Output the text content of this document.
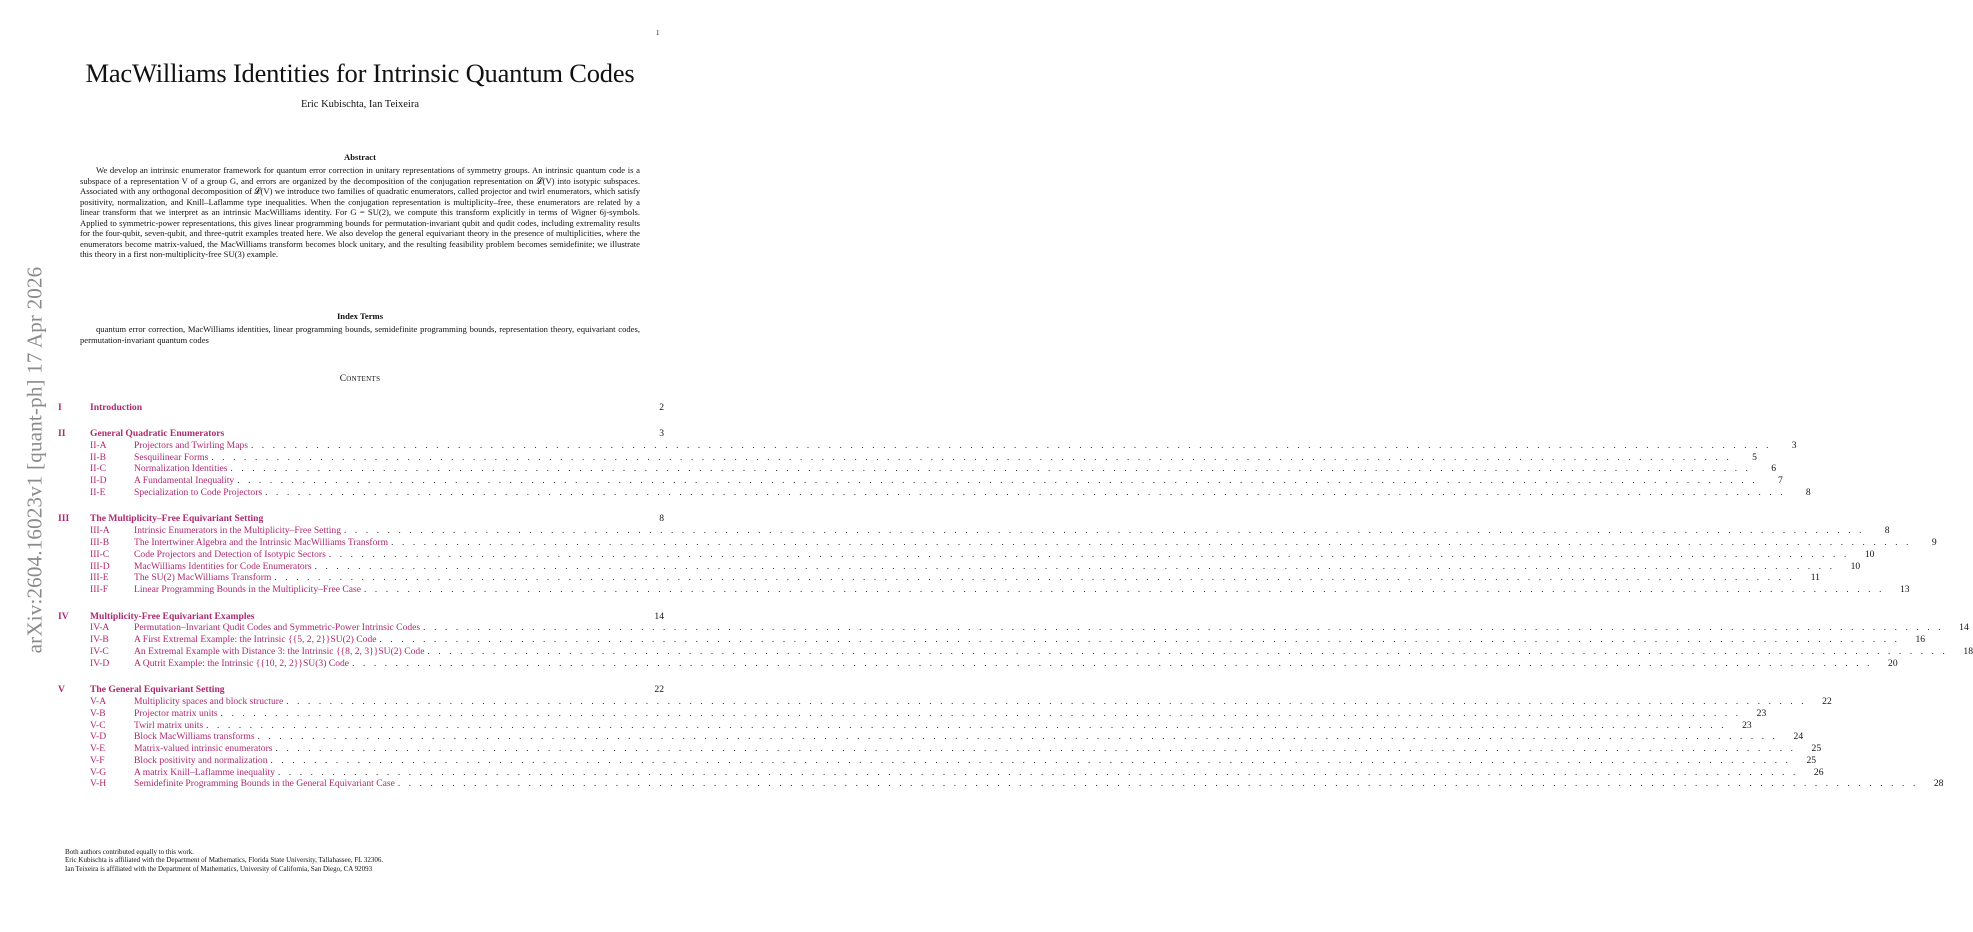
1
arXiv:2604.16023v1 [quant-ph] 17 Apr 2026
MacWilliams Identities for Intrinsic Quantum Codes
Eric Kubischta, Ian Teixeira
Abstract
We develop an intrinsic enumerator framework for quantum error correction in unitary representations of symmetry groups. An intrinsic quantum code is a subspace of a representation V of a group G, and errors are organized by the decomposition of the conjugation representation on 𝓛(V) into isotypic subspaces. Associated with any orthogonal decomposition of 𝓛(V) we introduce two families of quadratic enumerators, called projector and twirl enumerators, which satisfy positivity, normalization, and Knill–Laflamme type inequalities. When the conjugation representation is multiplicity–free, these enumerators are related by a linear transform that we interpret as an intrinsic MacWilliams identity. For G = SU(2), we compute this transform explicitly in terms of Wigner 6j-symbols. Applied to symmetric-power representations, this gives linear programming bounds for permutation-invariant qubit and qudit codes, including extremality results for the four-qubit, seven-qubit, and three-qutrit examples treated here. We also develop the general equivariant theory in the presence of multiplicities, where the enumerators become matrix-valued, the MacWilliams transform becomes block unitary, and the resulting feasibility problem becomes semidefinite; we illustrate this theory in a first non-multiplicity-free SU(3) example.
Index Terms
quantum error correction, MacWilliams identities, linear programming bounds, semidefinite programming bounds, representation theory, equivariant codes, permutation-invariant quantum codes
Contents
I	Introduction	2
II	General Quadratic Enumerators	3
II-A	Projectors and Twirling Maps . . . . . . . . . . . . . . . . . . . . . . . . . . . . . . . . . . . . . . . . . . . . . . . . . . . . . . . . . . . . . . . . . . . . . . . . . . . . . . . . . . . . . . . . . . . . . . . . . . . . . . . . . . . . . . . . . . . . . . . . . . . . . . . . . . . . . . . . . . . .	3
II-B	Sesquilinear Forms . . . . . . . . . . . . . . . . . . . . . . . . . . . . . . . . . . . . . . . . . . . . . . . . . . . . . . . . . . . . . . . . . . . . . . . . . . . . . . . . . . . . . . . . . . . . . . . . . . . . . . . . . . . . . . . . . . . . . . . . . . . . . . . . . . . . . . . . . . . .	5
II-C	Normalization Identities . . . . . . . . . . . . . . . . . . . . . . . . . . . . . . . . . . . . . . . . . . . . . . . . . . . . . . . . . . . . . . . . . . . . . . . . . . . . . . . . . . . . . . . . . . . . . . . . . . . . . . . . . . . . . . . . . . . . . . . . . . . . . . . . . . . . . . . . . . . .	6
II-D	A Fundamental Inequality . . . . . . . . . . . . . . . . . . . . . . . . . . . . . . . . . . . . . . . . . . . . . . . . . . . . . . . . . . . . . . . . . . . . . . . . . . . . . . . . . . . . . . . . . . . . . . . . . . . . . . . . . . . . . . . . . . . . . . . . . . . . . . . . . . . . . . . . . . . .	7
II-E	Specialization to Code Projectors . . . . . . . . . . . . . . . . . . . . . . . . . . . . . . . . . . . . . . . . . . . . . . . . . . . . . . . . . . . . . . . . . . . . . . . . . . . . . . . . . . . . . . . . . . . . . . . . . . . . . . . . . . . . . . . . . . . . . . . . . . . . . . . . . . . . . . . . . . . .	8
III	The Multiplicity–Free Equivariant Setting	8
III-A	Intrinsic Enumerators in the Multiplicity–Free Setting . . . . . . . . . . . . . . . . . . . . . . . . . . . . . . . . . . . . . . . . . . . . . . . . . . . . . . . . . . . . . . . . . . . . . . . . . . . . . . . . . . . . . . . . . . . . . . . . . . . . . . . . . . . . . . . . . . . . . . . . . . . . . . . . . . . . . . . . . . . .	8
III-B	The Intertwiner Algebra and the Intrinsic MacWilliams Transform . . . . . . . . . . . . . . . . . . . . . . . . . . . . . . . . . . . . . . . . . . . . . . . . . . . . . . . . . . . . . . . . . . . . . . . . . . . . . . . . . . . . . . . . . . . . . . . . . . . . . . . . . . . . . . . . . . . . . . . . . . . . . . . . . . . . . . . . . . . .	9
III-C	Code Projectors and Detection of Isotypic Sectors . . . . . . . . . . . . . . . . . . . . . . . . . . . . . . . . . . . . . . . . . . . . . . . . . . . . . . . . . . . . . . . . . . . . . . . . . . . . . . . . . . . . . . . . . . . . . . . . . . . . . . . . . . . . . . . . . . . . . . . . . . . . . . . . . . . . . . . . . . . .	10
III-D	MacWilliams Identities for Code Enumerators . . . . . . . . . . . . . . . . . . . . . . . . . . . . . . . . . . . . . . . . . . . . . . . . . . . . . . . . . . . . . . . . . . . . . . . . . . . . . . . . . . . . . . . . . . . . . . . . . . . . . . . . . . . . . . . . . . . . . . . . . . . . . . . . . . . . . . . . . . . .	10
III-E	The SU(2) MacWilliams Transform . . . . . . . . . . . . . . . . . . . . . . . . . . . . . . . . . . . . . . . . . . . . . . . . . . . . . . . . . . . . . . . . . . . . . . . . . . . . . . . . . . . . . . . . . . . . . . . . . . . . . . . . . . . . . . . . . . . . . . . . . . . . . . . . . . . . . . . . . . . .	11
III-F	Linear Programming Bounds in the Multiplicity–Free Case . . . . . . . . . . . . . . . . . . . . . . . . . . . . . . . . . . . . . . . . . . . . . . . . . . . . . . . . . . . . . . . . . . . . . . . . . . . . . . . . . . . . . . . . . . . . . . . . . . . . . . . . . . . . . . . . . . . . . . . . . . . . . . . . . . . . . . . . . . . .	13
IV	Multiplicity-Free Equivariant Examples	14
IV-A	Permutation–Invariant Qudit Codes and Symmetric-Power Intrinsic Codes . . . . . . . . . . . . . . . . . . . . . . . . . . . . . . . . . . . . . . . . . . . . . . . . . . . . . . . . . . . . . . . . . . . . . . . . . . . . . . . . . . . . . . . . . . . . . . . . . . . . . . . . . . . . . . . . . . . . . . . . . . . . . . . . . . . . . . . . . . . .	14
IV-B	A First Extremal Example: the Intrinsic {{5, 2, 2}}SU(2) Code . . . . . . . . . . . . . . . . . . . . . . . . . . . . . . . . . . . . . . . . . . . . . . . . . . . . . . . . . . . . . . . . . . . . . . . . . . . . . . . . . . . . . . . . . . . . . . . . . . . . . . . . . . . . . . . . . . . . . . . . . . . . . . . . . . . . . . . . . . . .	16
IV-C	An Extremal Example with Distance 3: the Intrinsic {{8, 2, 3}}SU(2) Code . . . . . . . . . . . . . . . . . . . . . . . . . . . . . . . . . . . . . . . . . . . . . . . . . . . . . . . . . . . . . . . . . . . . . . . . . . . . . . . . . . . . . . . . . . . . . . . . . . . . . . . . . . . . . . . . . . . . . . . . . . . . . . . . . . . . . . . . . . . .	18
IV-D	A Qutrit Example: the Intrinsic {{10, 2, 2}}SU(3) Code . . . . . . . . . . . . . . . . . . . . . . . . . . . . . . . . . . . . . . . . . . . . . . . . . . . . . . . . . . . . . . . . . . . . . . . . . . . . . . . . . . . . . . . . . . . . . . . . . . . . . . . . . . . . . . . . . . . . . . . . . . . . . . . . . . . . . . . . . . . .	20
V	The General Equivariant Setting	22
V-A	Multiplicity spaces and block structure . . . . . . . . . . . . . . . . . . . . . . . . . . . . . . . . . . . . . . . . . . . . . . . . . . . . . . . . . . . . . . . . . . . . . . . . . . . . . . . . . . . . . . . . . . . . . . . . . . . . . . . . . . . . . . . . . . . . . . . . . . . . . . . . . . . . . . . . . . . .	22
V-B	Projector matrix units . . . . . . . . . . . . . . . . . . . . . . . . . . . . . . . . . . . . . . . . . . . . . . . . . . . . . . . . . . . . . . . . . . . . . . . . . . . . . . . . . . . . . . . . . . . . . . . . . . . . . . . . . . . . . . . . . . . . . . . . . . . . . . . . . . . . . . . . . . . .	23
V-C	Twirl matrix units . . . . . . . . . . . . . . . . . . . . . . . . . . . . . . . . . . . . . . . . . . . . . . . . . . . . . . . . . . . . . . . . . . . . . . . . . . . . . . . . . . . . . . . . . . . . . . . . . . . . . . . . . . . . . . . . . . . . . . . . . . . . . . . . . . . . . . . . . . . .	23
V-D	Block MacWilliams transforms . . . . . . . . . . . . . . . . . . . . . . . . . . . . . . . . . . . . . . . . . . . . . . . . . . . . . . . . . . . . . . . . . . . . . . . . . . . . . . . . . . . . . . . . . . . . . . . . . . . . . . . . . . . . . . . . . . . . . . . . . . . . . . . . . . . . . . . . . . . .	24
V-E	Matrix-valued intrinsic enumerators . . . . . . . . . . . . . . . . . . . . . . . . . . . . . . . . . . . . . . . . . . . . . . . . . . . . . . . . . . . . . . . . . . . . . . . . . . . . . . . . . . . . . . . . . . . . . . . . . . . . . . . . . . . . . . . . . . . . . . . . . . . . . . . . . . . . . . . . . . . .	25
V-F	Block positivity and normalization . . . . . . . . . . . . . . . . . . . . . . . . . . . . . . . . . . . . . . . . . . . . . . . . . . . . . . . . . . . . . . . . . . . . . . . . . . . . . . . . . . . . . . . . . . . . . . . . . . . . . . . . . . . . . . . . . . . . . . . . . . . . . . . . . . . . . . . . . . . .	25
V-G	A matrix Knill–Laflamme inequality . . . . . . . . . . . . . . . . . . . . . . . . . . . . . . . . . . . . . . . . . . . . . . . . . . . . . . . . . . . . . . . . . . . . . . . . . . . . . . . . . . . . . . . . . . . . . . . . . . . . . . . . . . . . . . . . . . . . . . . . . . . . . . . . . . . . . . . . . . . .	26
V-H	Semidefinite Programming Bounds in the General Equivariant Case . . . . . . . . . . . . . . . . . . . . . . . . . . . . . . . . . . . . . . . . . . . . . . . . . . . . . . . . . . . . . . . . . . . . . . . . . . . . . . . . . . . . . . . . . . . . . . . . . . . . . . . . . . . . . . . . . . . . . . . . . . . . . . . . . . . . . . . . . . . .	28
Both authors contributed equally to this work.
Eric Kubischta is affiliated with the Department of Mathematics, Florida State University, Tallahassee, FL 32306.
Ian Teixeira is affiliated with the Department of Mathematics, University of California, San Diego, CA 92093
